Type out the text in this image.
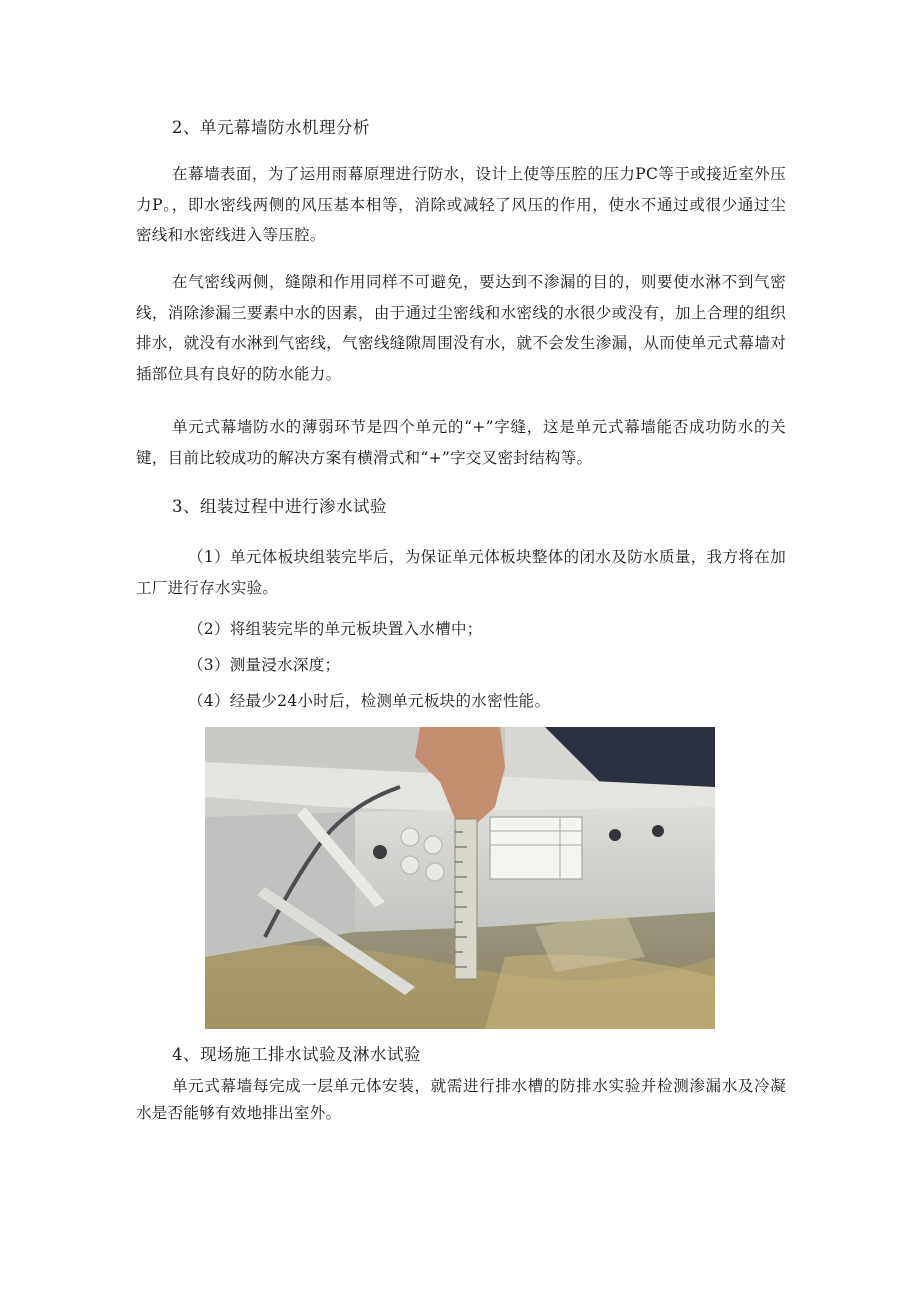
2、单元幕墙防水机理分析
在幕墙表面，为了运用雨幕原理进行防水，设计上使等压腔的压力PC等于或接近室外压力P。，即水密线两侧的风压基本相等，消除或减轻了风压的作用，使水不通过或很少通过尘密线和水密线进入等压腔。
在气密线两侧，缝隙和作用同样不可避免，要达到不渗漏的目的，则要使水淋不到气密线，消除渗漏三要素中水的因素，由于通过尘密线和水密线的水很少或没有，加上合理的组织排水，就没有水淋到气密线，气密线缝隙周围没有水，就不会发生渗漏，从而使单元式幕墙对插部位具有良好的防水能力。
单元式幕墙防水的薄弱环节是四个单元的“+”字缝，这是单元式幕墙能否成功防水的关键，目前比较成功的解决方案有横滑式和“+”字交叉密封结构等。
3、组装过程中进行渗水试验
（1）单元体板块组装完毕后，为保证单元体板块整体的闭水及防水质量，我方将在加工厂进行存水实验。
（2）将组装完毕的单元板块置入水槽中；
（3）测量浸水深度；
（4）经最少24小时后，检测单元板块的水密性能。
4、现场施工排水试验及淋水试验
单元式幕墙每完成一层单元体安装，就需进行排水槽的防排水实验并检测渗漏水及冷凝水是否能够有效地排出室外。
